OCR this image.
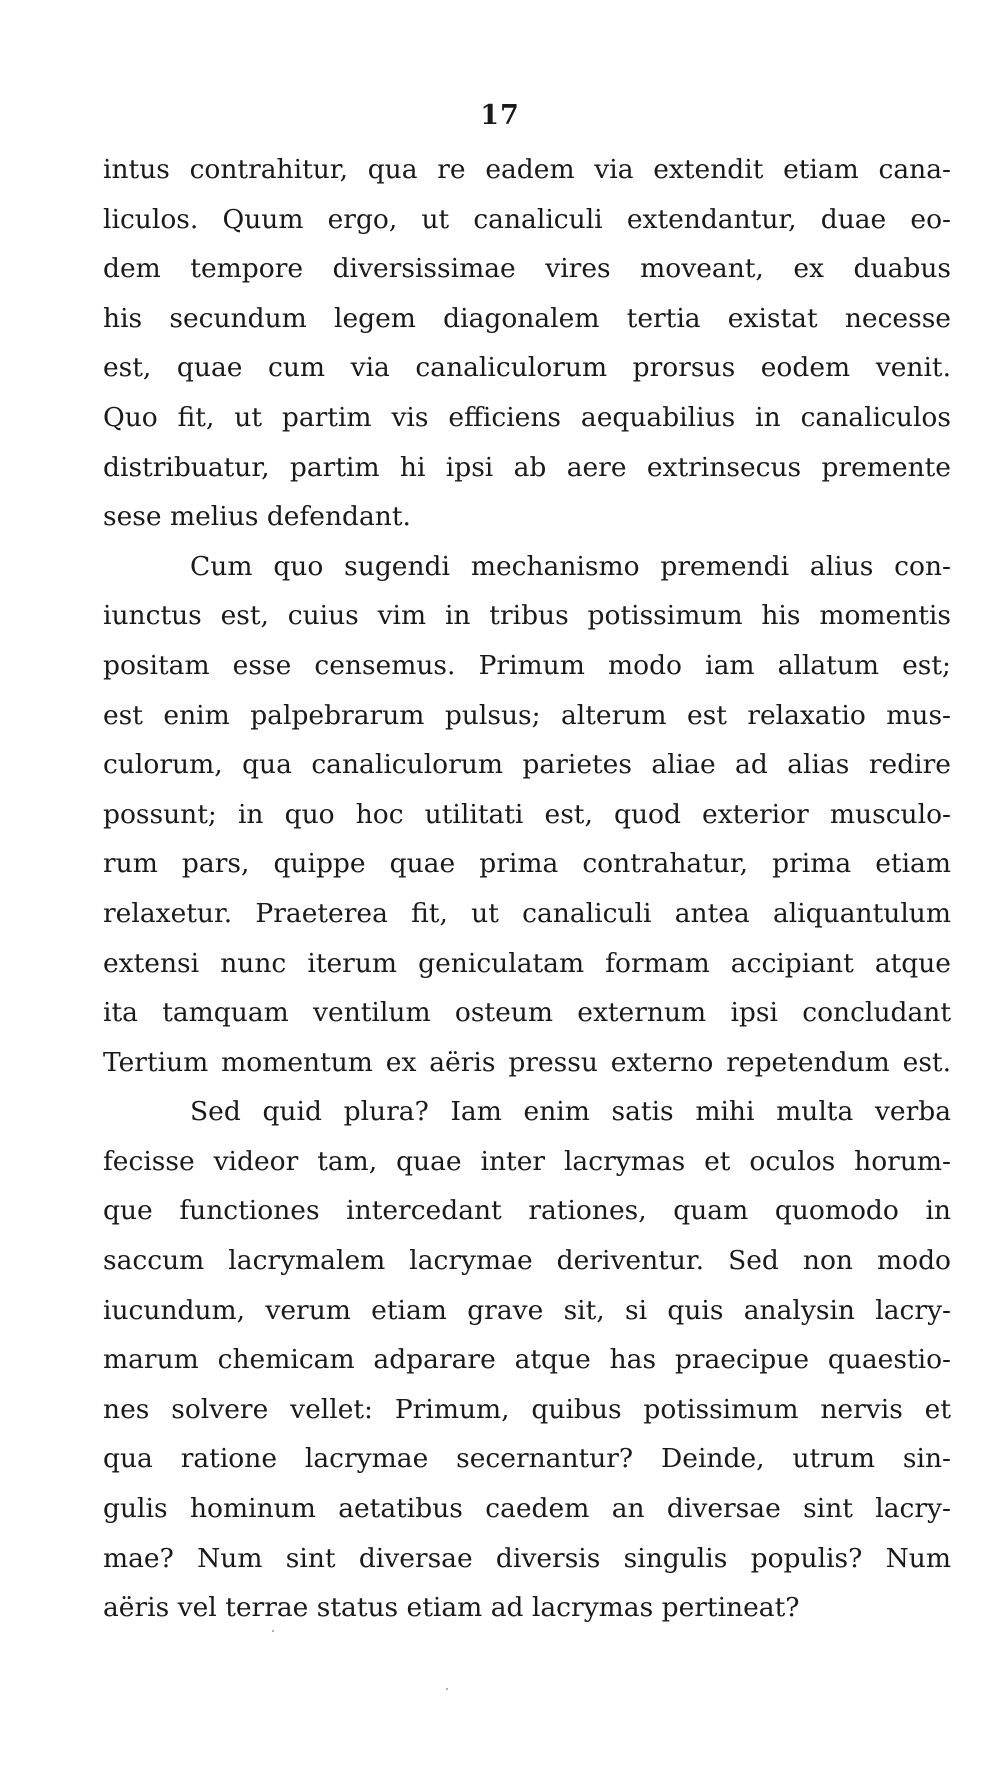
17
intus contrahitur, qua re eadem via extendit etiam cana-
liculos. Quum ergo, ut canaliculi extendantur, duae eo-
dem tempore diversissimae vires moveant, ex duabus
his secundum legem diagonalem tertia existat necesse
est, quae cum via canaliculorum prorsus eodem venit.
Quo fit, ut partim vis efficiens aequabilius in canaliculos
distribuatur, partim hi ipsi ab aere extrinsecus premente
sese melius defendant.
Cum quo sugendi mechanismo premendi alius con-
iunctus est, cuius vim in tribus potissimum his momentis
positam esse censemus. Primum modo iam allatum est;
est enim palpebrarum pulsus; alterum est relaxatio mus-
culorum, qua canaliculorum parietes aliae ad alias redire
possunt; in quo hoc utilitati est, quod exterior musculo-
rum pars, quippe quae prima contrahatur, prima etiam
relaxetur. Praeterea fit, ut canaliculi antea aliquantulum
extensi nunc iterum geniculatam formam accipiant atque
ita tamquam ventilum osteum externum ipsi concludant
Tertium momentum ex aëris pressu externo repetendum est.
Sed quid plura? Iam enim satis mihi multa verba
fecisse videor tam, quae inter lacrymas et oculos horum-
que functiones intercedant rationes, quam quomodo in
saccum lacrymalem lacrymae deriventur. Sed non modo
iucundum, verum etiam grave sit, si quis analysin lacry-
marum chemicam adparare atque has praecipue quaestio-
nes solvere vellet: Primum, quibus potissimum nervis et
qua ratione lacrymae secernantur? Deinde, utrum sin-
gulis hominum aetatibus caedem an diversae sint lacry-
mae? Num sint diversae diversis singulis populis? Num
aëris vel terrae status etiam ad lacrymas pertineat?
